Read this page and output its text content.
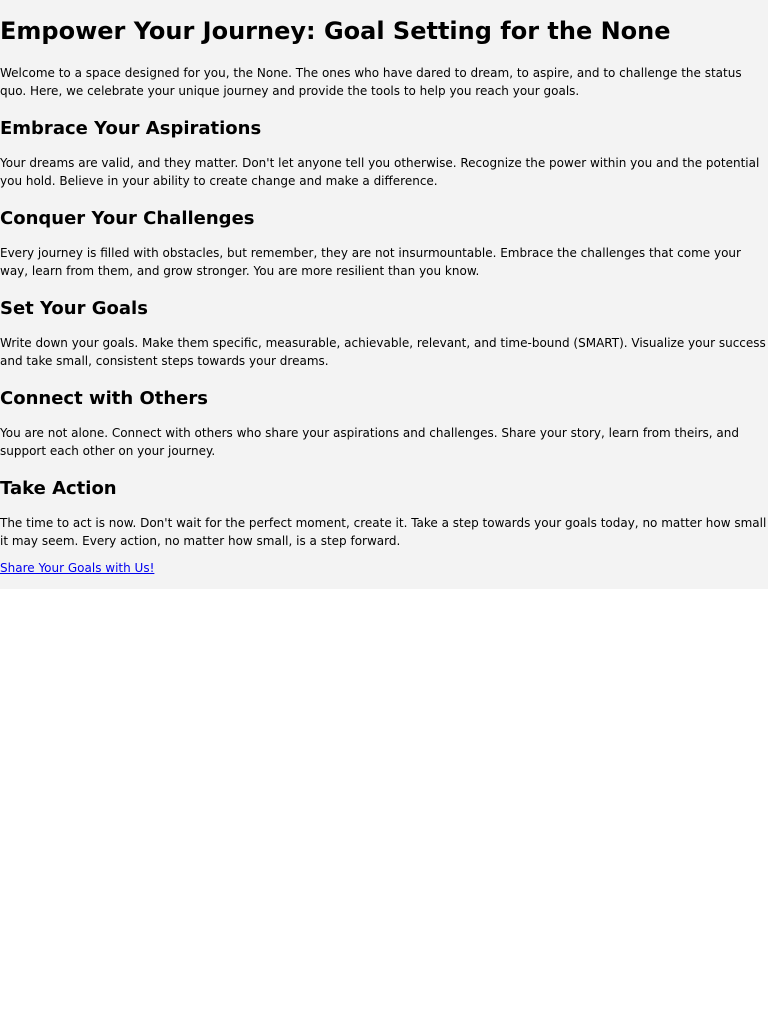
Empower Your Journey: Goal Setting for the None

Welcome to a space designed for you, the None. The ones who have dared to dream, to aspire, and to challenge the status quo. Here, we celebrate your unique journey and provide the tools to help you reach your goals.

Embrace Your Aspirations

Your dreams are valid, and they matter. Don't let anyone tell you otherwise. Recognize the power within you and the potential you hold. Believe in your ability to create change and make a difference.

Conquer Your Challenges

Every journey is filled with obstacles, but remember, they are not insurmountable. Embrace the challenges that come your way, learn from them, and grow stronger. You are more resilient than you know.

Set Your Goals

Write down your goals. Make them specific, measurable, achievable, relevant, and time-bound (SMART). Visualize your success and take small, consistent steps towards your dreams.

Connect with Others

You are not alone. Connect with others who share your aspirations and challenges. Share your story, learn from theirs, and support each other on your journey.

Take Action

The time to act is now. Don't wait for the perfect moment, create it. Take a step towards your goals today, no matter how small it may seem. Every action, no matter how small, is a step forward.

Share Your Goals with Us!
